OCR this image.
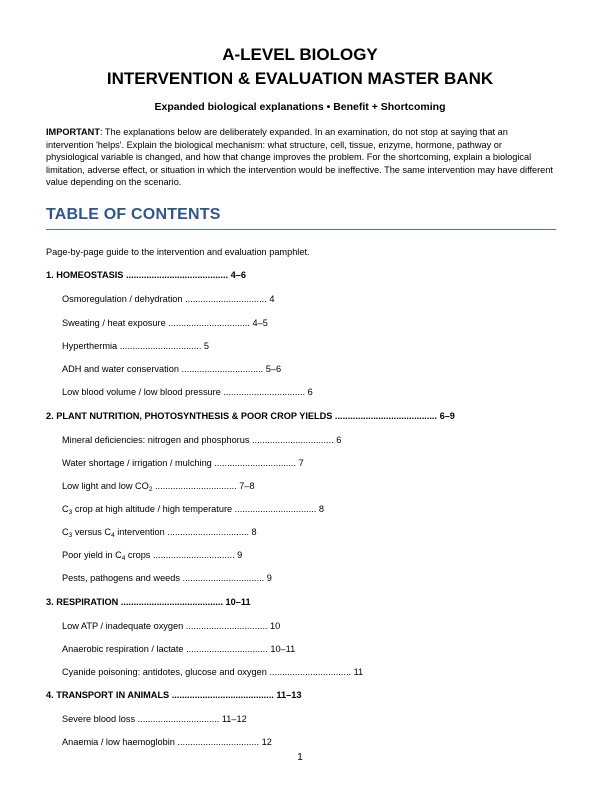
A-LEVEL BIOLOGY
INTERVENTION & EVALUATION MASTER BANK
Expanded biological explanations • Benefit + Shortcoming
IMPORTANT: The explanations below are deliberately expanded. In an examination, do not stop at saying that an intervention 'helps'. Explain the biological mechanism: what structure, cell, tissue, enzyme, hormone, pathway or physiological variable is changed, and how that change improves the problem. For the shortcoming, explain a biological limitation, adverse effect, or situation in which the intervention would be ineffective. The same intervention may have different value depending on the scenario.
TABLE OF CONTENTS
Page-by-page guide to the intervention and evaluation pamphlet.
1. HOMEOSTASIS ........................................ 4–6
Osmoregulation / dehydration ................................ 4
Sweating / heat exposure ................................ 4–5
Hyperthermia ................................ 5
ADH and water conservation ................................ 5–6
Low blood volume / low blood pressure ................................ 6
2. PLANT NUTRITION, PHOTOSYNTHESIS & POOR CROP YIELDS ........................................ 6–9
Mineral deficiencies: nitrogen and phosphorus ................................ 6
Water shortage / irrigation / mulching ................................ 7
Low light and low $CO_2$ ................................ 7–8
$C_3$ crop at high altitude / high temperature ................................ 8
$C_3$ versus $C_4$ intervention ................................ 8
Poor yield in $C_4$ crops ................................ 9
Pests, pathogens and weeds ................................ 9
3. RESPIRATION ........................................ 10–11
Low ATP / inadequate oxygen ................................ 10
Anaerobic respiration / lactate ................................ 10–11
Cyanide poisoning: antidotes, glucose and oxygen ................................ 11
4. TRANSPORT IN ANIMALS ........................................ 11–13
Severe blood loss ................................ 11–12
Anaemia / low haemoglobin ................................ 12
1
